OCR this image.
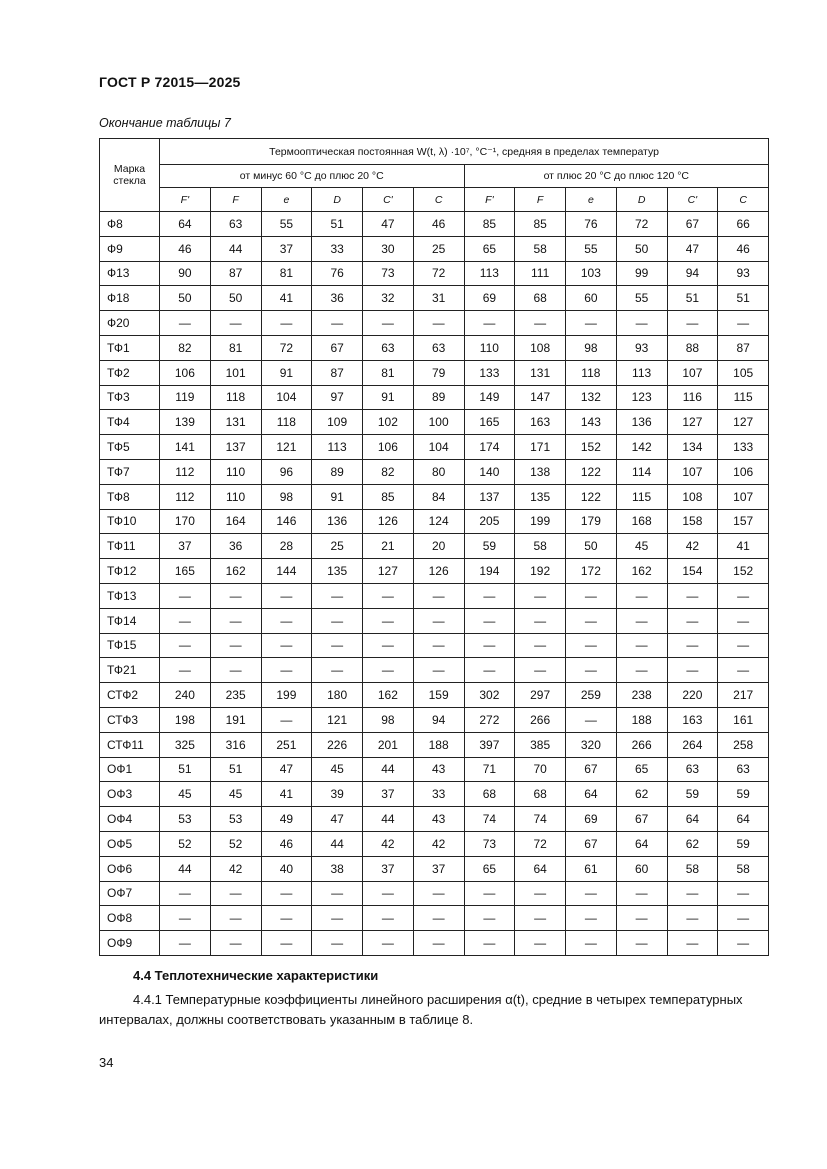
ГОСТ Р 72015—2025
Окончание таблицы 7
Марка стекла	Термооптическая постоянная W(t, λ) ·10⁷, °С⁻¹, средняя в пределах температур											
	от минус 60 °С до плюс 20 °С						от плюс 20 °С до плюс 120 °С					
	F'	F	e	D	C'	C	F'	F	e	D	C'	C
Ф8	64	63	55	51	47	46	85	85	76	72	67	66
Ф9	46	44	37	33	30	25	65	58	55	50	47	46
Ф13	90	87	81	76	73	72	113	111	103	99	94	93
Ф18	50	50	41	36	32	31	69	68	60	55	51	51
Ф20	—	—	—	—	—	—	—	—	—	—	—	—
ТФ1	82	81	72	67	63	63	110	108	98	93	88	87
ТФ2	106	101	91	87	81	79	133	131	118	113	107	105
ТФ3	119	118	104	97	91	89	149	147	132	123	116	115
ТФ4	139	131	118	109	102	100	165	163	143	136	127	127
ТФ5	141	137	121	113	106	104	174	171	152	142	134	133
ТФ7	112	110	96	89	82	80	140	138	122	114	107	106
ТФ8	112	110	98	91	85	84	137	135	122	115	108	107
ТФ10	170	164	146	136	126	124	205	199	179	168	158	157
ТФ11	37	36	28	25	21	20	59	58	50	45	42	41
ТФ12	165	162	144	135	127	126	194	192	172	162	154	152
ТФ13	—	—	—	—	—	—	—	—	—	—	—	—
ТФ14	—	—	—	—	—	—	—	—	—	—	—	—
ТФ15	—	—	—	—	—	—	—	—	—	—	—	—
ТФ21	—	—	—	—	—	—	—	—	—	—	—	—
СТФ2	240	235	199	180	162	159	302	297	259	238	220	217
СТФ3	198	191	—	121	98	94	272	266	—	188	163	161
СТФ11	325	316	251	226	201	188	397	385	320	266	264	258
ОФ1	51	51	47	45	44	43	71	70	67	65	63	63
ОФ3	45	45	41	39	37	33	68	68	64	62	59	59
ОФ4	53	53	49	47	44	43	74	74	69	67	64	64
ОФ5	52	52	46	44	42	42	73	72	67	64	62	59
ОФ6	44	42	40	38	37	37	65	64	61	60	58	58
ОФ7	—	—	—	—	—	—	—	—	—	—	—	—
ОФ8	—	—	—	—	—	—	—	—	—	—	—	—
ОФ9	—	—	—	—	—	—	—	—	—	—	—	—
4.4 Теплотехнические характеристики
4.4.1 Температурные коэффициенты линейного расширения α(t), средние в четырех температурных интервалах, должны соответствовать указанным в таблице 8.
34
